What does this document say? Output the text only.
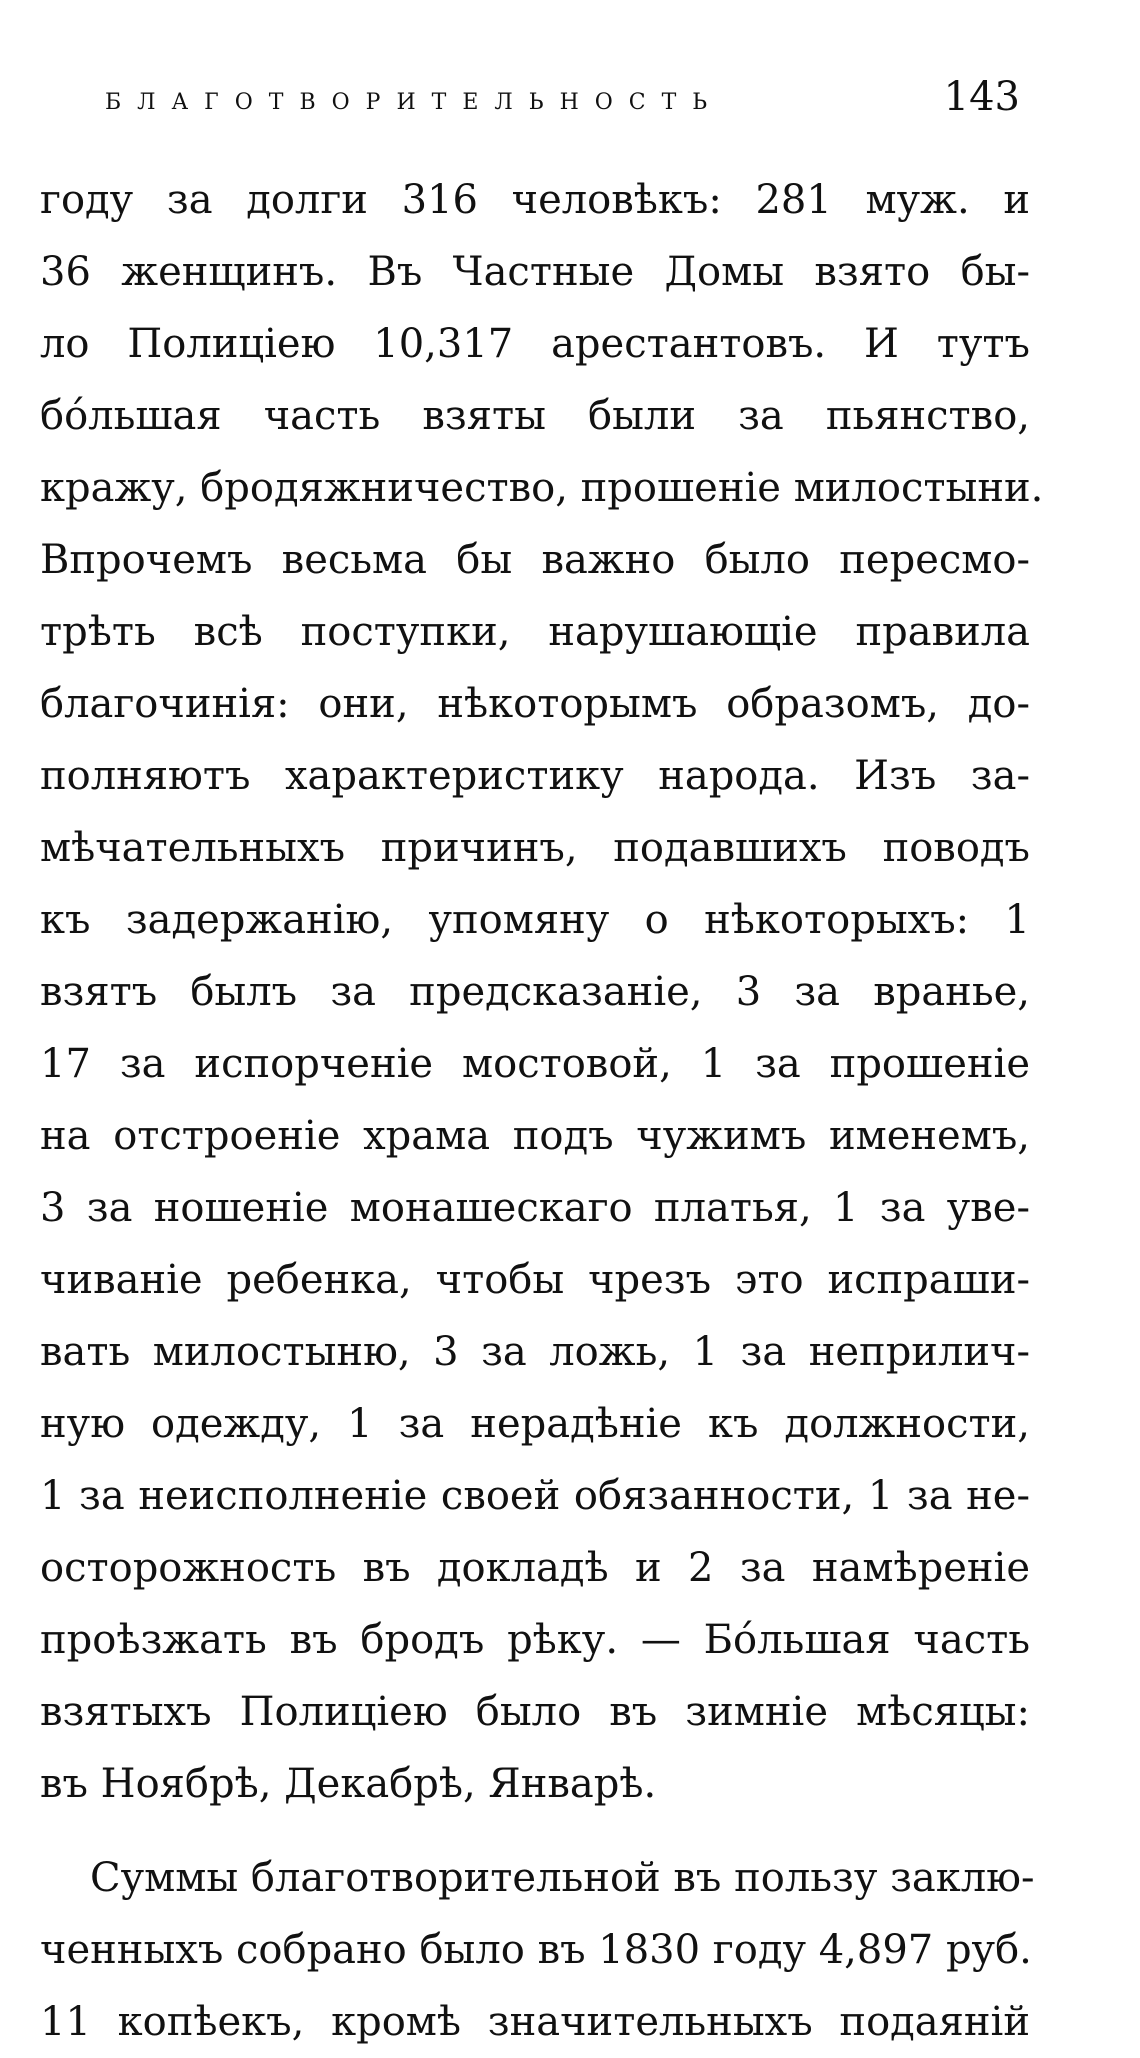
БЛАГОТВОРИТЕЛЬНОСТЬ	143
году за долги 316 человѣкъ: 281 муж. и
36 женщинъ. Въ Частные Домы взято бы-
ло Полиціею 10,317 арестантовъ. И тутъ
бо́льшая часть взяты были за пьянство,
кражу, бродяжничество, прошеніе милостыни.
Впрочемъ весьма бы важно было пересмо-
трѣть всѣ поступки, нарушающіе правила
благочинія: они, нѣкоторымъ образомъ, до-
полняютъ характеристику народа. Изъ за-
мѣчательныхъ причинъ, подавшихъ поводъ
къ задержанію, упомяну о нѣкоторыхъ: 1
взятъ былъ за предсказаніе, 3 за вранье,
17 за испорченіе мостовой, 1 за прошеніе
на отстроеніе храма подъ чужимъ именемъ,
3 за ношеніе монашескаго платья, 1 за уве-
чиваніе ребенка, чтобы чрезъ это испраши-
вать милостыню, 3 за ложь, 1 за неприлич-
ную одежду, 1 за нерадѣніе къ должности,
1 за неисполненіе своей обязанности, 1 за не-
осторожность въ докладѣ и 2 за намѣреніе
проѣзжать въ бродъ рѣку. — Бо́льшая часть
взятыхъ Полиціею было въ зимніе мѣсяцы:
въ Ноябрѣ, Декабрѣ, Январѣ.
Суммы благотворительной въ пользу заклю-
ченныхъ собрано было въ 1830 году 4,897 руб.
11 копѣекъ, кромѣ значительныхъ подаяній
